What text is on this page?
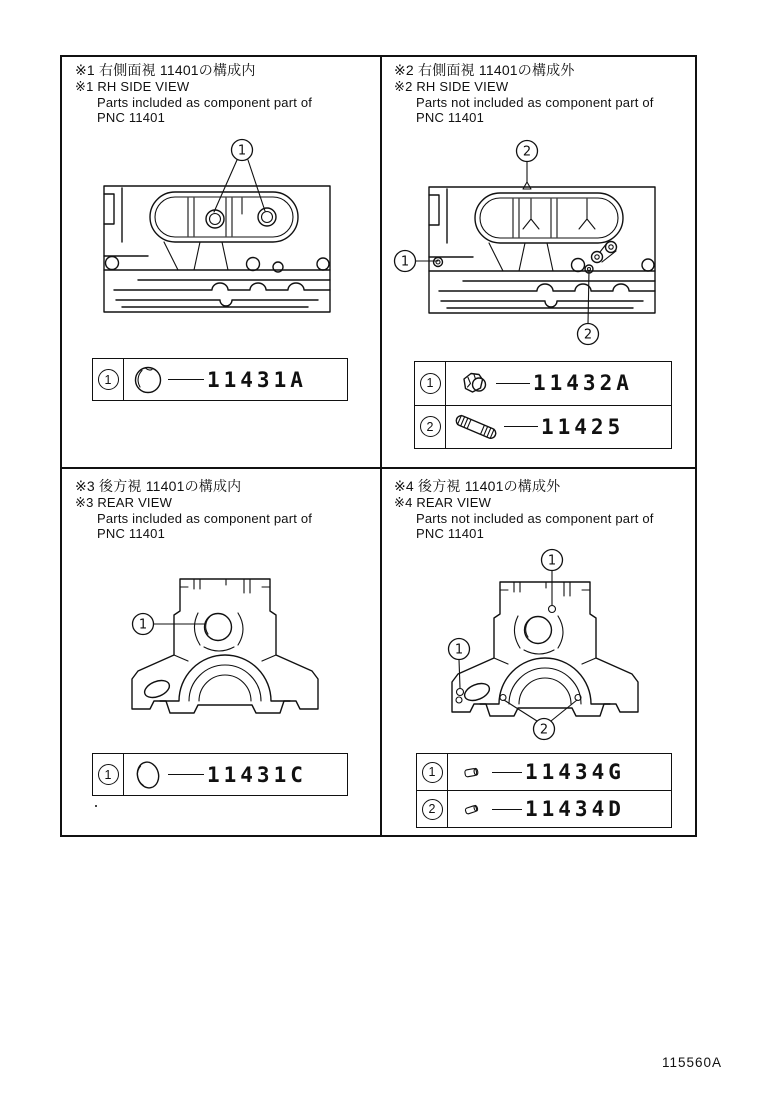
※1 右側面視 11401の構成内
※1 RH SIDE VIEW
Parts included as component part of
PNC 11401
1
1	11431A
※2 右側面視 11401の構成外
※2 RH SIDE VIEW
Parts not included as component part of
PNC 11401
2
1
2
1	11432A
2	11425
※3 後方視 11401の構成内
※3 REAR VIEW
Parts included as component part of
PNC 11401
1
1	11431C
※4 後方視 11401の構成外
※4 REAR VIEW
Parts not included as component part of
PNC 11401
1
1
2
1	11434G
2	11434D
115560A
